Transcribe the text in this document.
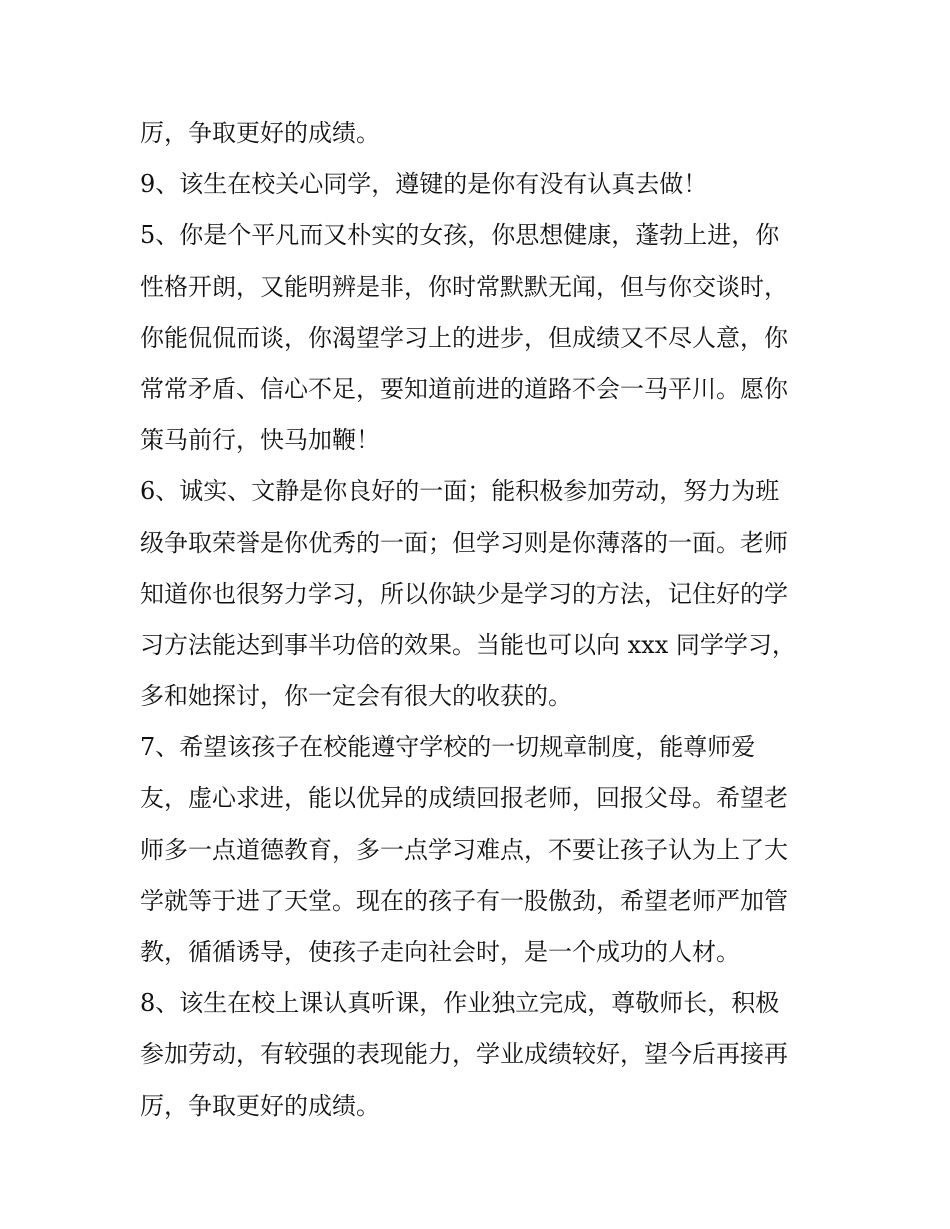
厉，争取更好的成绩。
9、该生在校关心同学，遵键的是你有没有认真去做！
5、你是个平凡而又朴实的女孩，你思想健康，蓬勃上进，你
性格开朗，又能明辨是非，你时常默默无闻，但与你交谈时，
你能侃侃而谈，你渴望学习上的进步，但成绩又不尽人意，你
常常矛盾、信心不足，要知道前进的道路不会一马平川。愿你
策马前行，快马加鞭！
6、诚实、文静是你良好的一面；能积极参加劳动，努力为班
级争取荣誉是你优秀的一面；但学习则是你薄落的一面。老师
知道你也很努力学习，所以你缺少是学习的方法，记住好的学
习方法能达到事半功倍的效果。当能也可以向 xxx 同学学习，
多和她探讨，你一定会有很大的收获的。
7、希望该孩子在校能遵守学校的一切规章制度，能尊师爱
友，虚心求进，能以优异的成绩回报老师，回报父母。希望老
师多一点道德教育，多一点学习难点，不要让孩子认为上了大
学就等于进了天堂。现在的孩子有一股傲劲，希望老师严加管
教，循循诱导，使孩子走向社会时，是一个成功的人材。
8、该生在校上课认真听课，作业独立完成，尊敬师长，积极
参加劳动，有较强的表现能力，学业成绩较好，望今后再接再
厉，争取更好的成绩。
